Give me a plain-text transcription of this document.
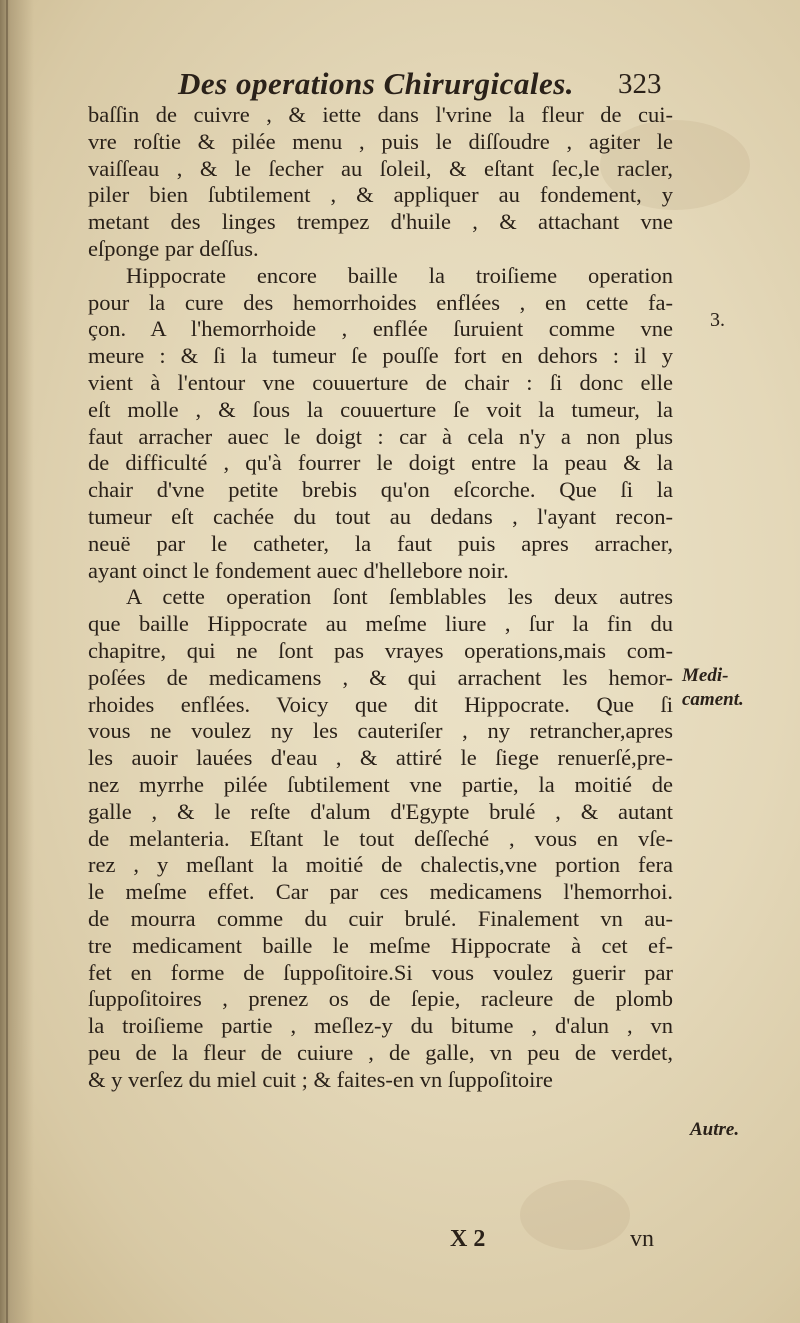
Des operations Chirurgicales. 323
baſſin de cuivre , & iette dans l'vrine la fleur de cui-
vre roſtie & pilée menu , puis le diſſoudre , agiter le
vaiſſeau , & le ſecher au ſoleil, & eſtant ſec,le racler,
piler bien ſubtilement , & appliquer au fondement, y
metant des linges trempez d'huile , & attachant vne
eſponge par deſſus.
Hippocrate encore baille la troiſieme operation
pour la cure des hemorrhoides enflées , en cette fa-
çon. A l'hemorrhoide , enflée ſuruient comme vne
meure : & ſi la tumeur ſe pouſſe fort en dehors : il y
vient à l'entour vne couuerture de chair : ſi donc elle
eſt molle , & ſous la couuerture ſe voit la tumeur, la
faut arracher auec le doigt : car à cela n'y a non plus
de difficulté , qu'à fourrer le doigt entre la peau & la
chair d'vne petite brebis qu'on eſcorche. Que ſi la
tumeur eſt cachée du tout au dedans , l'ayant recon-
neuë par le catheter, la faut puis apres arracher,
ayant oinct le fondement auec d'hellebore noir.
A cette operation ſont ſemblables les deux autres
que baille Hippocrate au meſme liure , ſur la fin du
chapitre, qui ne ſont pas vrayes operations,mais com-
poſées de medicamens , & qui arrachent les hemor-
rhoides enflées. Voicy que dit Hippocrate. Que ſi
vous ne voulez ny les cauteriſer , ny retrancher,apres
les auoir lauées d'eau , & attiré le ſiege renuerſé,pre-
nez myrrhe pilée ſubtilement vne partie, la moitié de
galle , & le reſte d'alum d'Egypte brulé , & autant
de melanteria. Eſtant le tout deſſeché , vous en vſe-
rez , y meſlant la moitié de chalectis,vne portion fera
le meſme effet. Car par ces medicamens l'hemorrhoi.
de mourra comme du cuir brulé. Finalement vn au-
tre medicament baille le meſme Hippocrate à cet ef-
fet en forme de ſuppoſitoire.Si vous voulez guerir par
ſuppoſitoires , prenez os de ſepie, racleure de plomb
la troiſieme partie , meſlez-y du bitume , d'alun , vn
peu de la fleur de cuiure , de galle, vn peu de verdet,
& y verſez du miel cuit ; & faites-en vn ſuppoſitoire
3.
Medi-
cament.
Autre.
X 2	vn
